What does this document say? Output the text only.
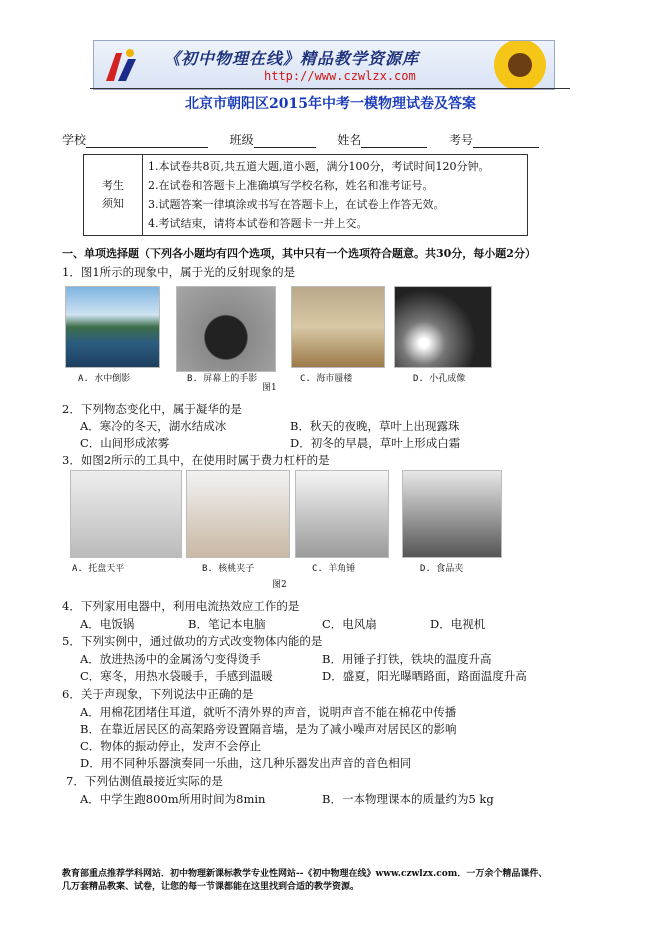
《初中物理在线》精品教学资源库
http://www.czwlzx.com
北京市朝阳区2015年中考一模物理试卷及答案
学校	班级	姓名	考号
考生须知	
1.本试卷共8页,共五道大题,道小题，满分100分，考试时间120分钟。
2.在试卷和答题卡上准确填写学校名称，姓名和准考证号。
3.试题答案一律填涂或书写在答题卡上，在试卷上作答无效。
4.考试结束，请将本试卷和答题卡一并上交。
一、单项选择题（下列各小题均有四个选项，其中只有一个选项符合题意。共30分，每小题2分）
1．图1所示的现象中，属于光的反射现象的是
A. 水中倒影	B. 屏幕上的手影	C. 海市蜃楼	D. 小孔成像
图1
2．下列物态变化中，属于凝华的是
A．寒冷的冬天，湖水结成冰	B．秋天的夜晚，草叶上出现露珠
C．山间形成浓雾	D．初冬的早晨，草叶上形成白霜
3．如图2所示的工具中，在使用时属于费力杠杆的是
A. 托盘天平	B. 核桃夹子	C. 羊角锤	D. 食品夹
图2
4．下列家用电器中，利用电流热效应工作的是
A．电饭锅	B．笔记本电脑	C．电风扇	D．电视机
5．下列实例中，通过做功的方式改变物体内能的是
A．放进热汤中的金属汤勺变得烫手	B．用锤子打铁，铁块的温度升高
C．寒冬，用热水袋暖手，手感到温暖	D．盛夏，阳光曝晒路面，路面温度升高
6．关于声现象，下列说法中正确的是
A．用棉花团堵住耳道，就听不清外界的声音，说明声音不能在棉花中传播
B．在靠近居民区的高架路旁设置隔音墙，是为了减小噪声对居民区的影响
C．物体的振动停止，发声不会停止
D．用不同种乐器演奏同一乐曲，这几种乐器发出声音的音色相同
7．下列估测值最接近实际的是
A．中学生跑800m所用时间为8min	B．一本物理课本的质量约为5 kg
教育部重点推荐学科网站．初中物理新课标教学专业性网站--《初中物理在线》www.czwlzx.com．一万余个精品课件、
几万套精品教案、试卷，让您的每一节课都能在这里找到合适的教学资源。
